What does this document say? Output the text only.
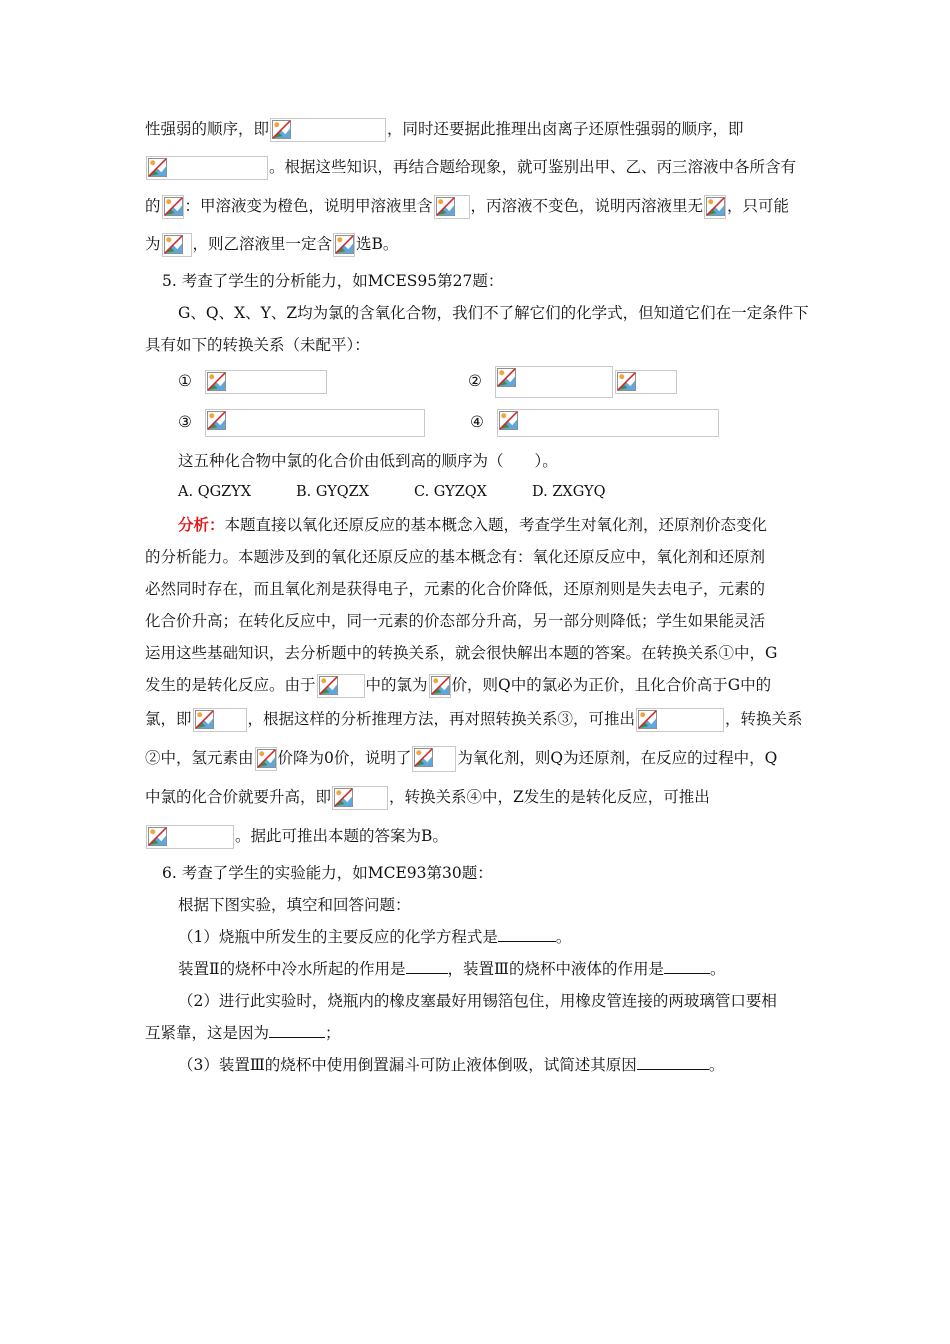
性强弱的顺序，即	，同时还要据此推理出卤离子还原性强弱的顺序，即
。根据这些知识，再结合题给现象，就可鉴别出甲、乙、丙三溶液中各所含有
的 ：甲溶液变为橙色，说明甲溶液里含 ，丙溶液不变色，说明丙溶液里无 ，只可能
为 ，则乙溶液里一定含 选B。
5. 考查了学生的分析能力，如MCES95第27题：
G、Q、X、Y、Z均为氯的含氧化合物，我们不了解它们的化学式，但知道它们在一定条件下
具有如下的转换关系（未配平）：
①	②
③	④
这五种化合物中氯的化合价由低到高的顺序为（　　）。
A. QGZYX	B. GYQZX	C. GYZQX	D. ZXGYQ
分析：本题直接以氧化还原反应的基本概念入题，考查学生对氧化剂，还原剂价态变化
的分析能力。本题涉及到的氧化还原反应的基本概念有：氧化还原反应中，氧化剂和还原剂
必然同时存在，而且氧化剂是获得电子，元素的化合价降低，还原剂则是失去电子，元素的
化合价升高；在转化反应中，同一元素的价态部分升高，另一部分则降低；学生如果能灵活
运用这些基础知识，去分析题中的转换关系，就会很快解出本题的答案。在转换关系①中，G
发生的是转化反应。由于	中的氯为 价，则Q中的氯必为正价，且化合价高于G中的
氯，即	，根据这样的分析推理方法，再对照转换关系③，可推出	，转换关系
②中，氢元素由 价降为0价，说明了	为氧化剂，则Q为还原剂，在反应的过程中，Q
中氯的化合价就要升高，即	，转换关系④中，Z发生的是转化反应，可推出
。据此可推出本题的答案为B。
6. 考查了学生的实验能力，如MCE93第30题：
根据下图实验，填空和回答问题：
（1）烧瓶中所发生的主要反应的化学方程式是	。
装置Ⅱ的烧杯中冷水所起的作用是	，装置Ⅲ的烧杯中液体的作用是	。
（2）进行此实验时，烧瓶内的橡皮塞最好用锡箔包住，用橡皮管连接的两玻璃管口要相
互紧靠，这是因为	；
（3）装置Ⅲ的烧杯中使用倒置漏斗可防止液体倒吸，试简述其原因	。
